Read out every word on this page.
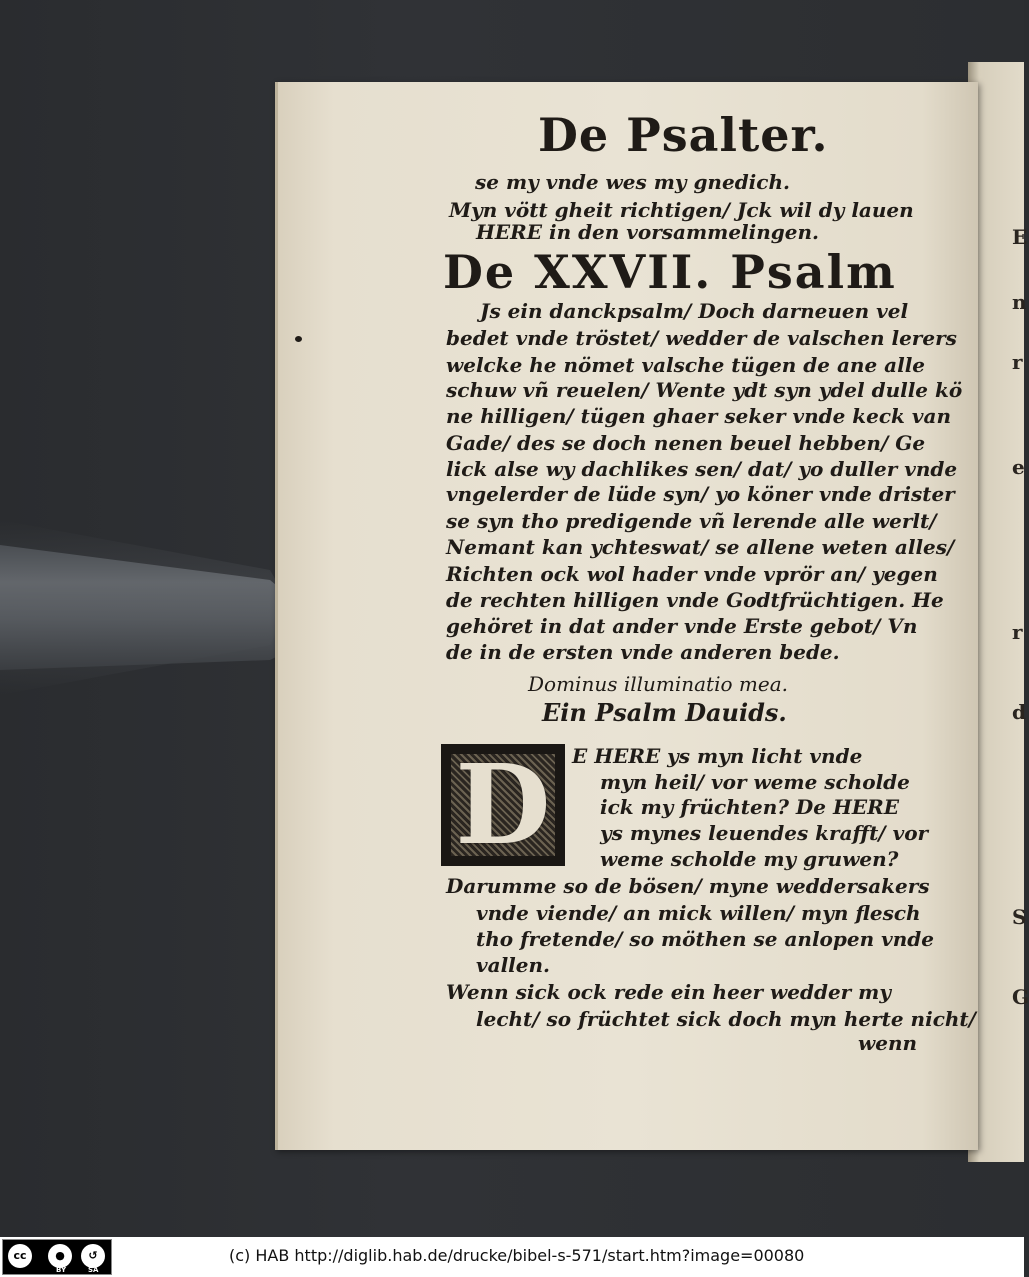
E
n
r
e
r
d
S
G
De Psalter.
se my vnde wes my gnedich.
Myn vött gheit richtigen/ Jck wil dy lauen
HERE in den vorsammelingen.
De XXVII. Psalm
Js ein danckpsalm/ Doch darneuen vel
bedet vnde tröstet/ wedder de valschen lerers
welcke he nömet valsche tügen de ane alle
schuw vñ reuelen/ Wente ydt syn ydel dulle kö
ne hilligen/ tügen ghaer seker vnde keck van
Gade/ des se doch nenen beuel hebben/ Ge
lick alse wy dachlikes sen/ dat/ yo duller vnde
vngelerder de lüde syn/ yo köner vnde drister
se syn tho predigende vñ lerende alle werlt/
Nemant kan ychteswat/ se allene weten alles/
Richten ock wol hader vnde vprör an/ yegen
de rechten hilligen vnde Godtfrüchtigen. He
gehöret in dat ander vnde Erste gebot/ Vn
de in de ersten vnde anderen bede.
Dominus illuminatio mea.
Ein Psalm Dauids.
D	E HERE ys myn licht vnde
myn heil/ vor weme scholde
ick my früchten? De HERE
ys mynes leuendes krafft/ vor
weme scholde my gruwen?
Darumme so de bösen/ myne weddersakers
vnde viende/ an mick willen/ myn flesch
tho fretende/ so möthen se anlopen vnde
vallen.
Wenn sick ock rede ein heer wedder my
lecht/ so früchtet sick doch myn herte nicht/
wenn
cc	●	↺
BY	SA
(c) HAB http://diglib.hab.de/drucke/bibel-s-571/start.htm?image=00080
